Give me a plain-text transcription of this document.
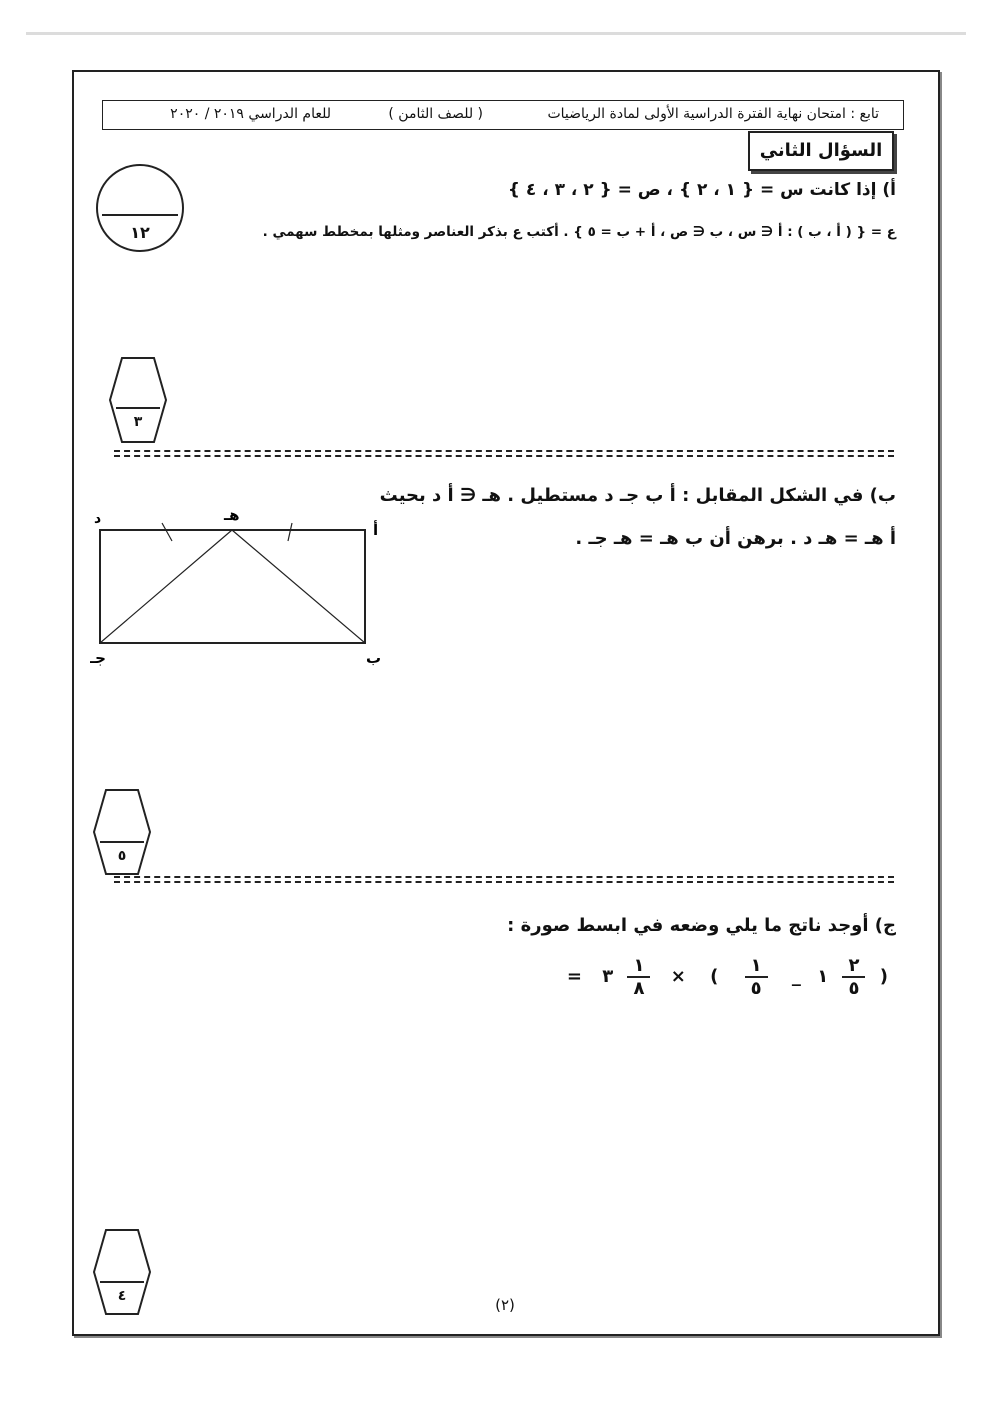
تابع : امتحان نهاية الفترة الدراسية الأولى لمادة الرياضيات
( للصف الثامن )
للعام الدراسي ٢٠١٩ / ٢٠٢٠
السؤال الثاني
١٢
أ) إذا كانت س = { ١ ، ٢ } ، ص = { ٢ ، ٣ ، ٤ }
ع = { ( أ ، ب ) : أ ∈ س ، ب ∈ ص ، أ + ب = ٥ } . أكتب ع بذكر العناصر ومثلها بمخطط سهمي .
٣
ب) في الشكل المقابل : أ ب جـ د مستطيل . هـ ∈ أ د بحيث
أ هـ = هـ د . برهن أن ب هـ = هـ جـ .
د	هـ
أ
ب
جـ
٥
ج) أوجد ناتج ما يلي وضعه في ابسط صورة :
(
$\frac{٢}{٥}$
١ _
$\frac{١}{٥}$
) ×
$\frac{١}{٨}$
٣ =
٤	(٢)
